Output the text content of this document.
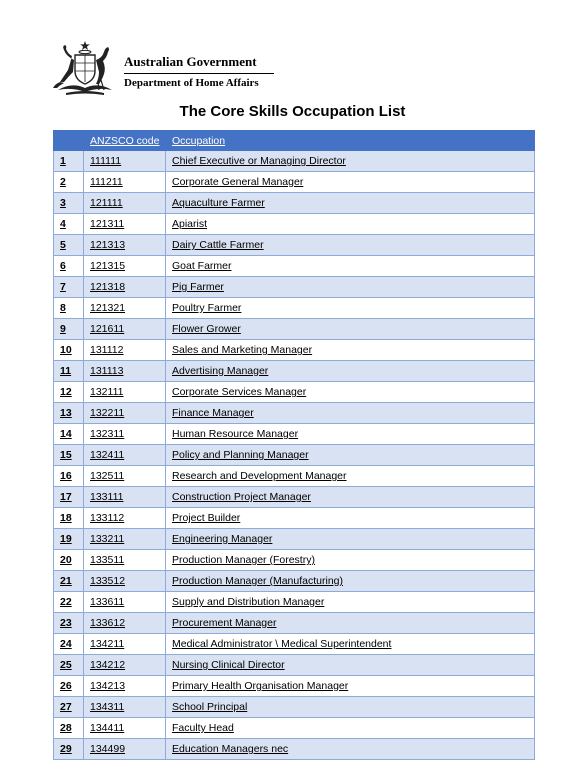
Australian Government
Department of Home Affairs
The Core Skills Occupation List
	ANZSCO code	Occupation
1	111111	Chief Executive or Managing Director
2	111211	Corporate General Manager
3	121111	Aquaculture Farmer
4	121311	Apiarist
5	121313	Dairy Cattle Farmer
6	121315	Goat Farmer
7	121318	Pig Farmer
8	121321	Poultry Farmer
9	121611	Flower Grower
10	131112	Sales and Marketing Manager
11	131113	Advertising Manager
12	132111	Corporate Services Manager
13	132211	Finance Manager
14	132311	Human Resource Manager
15	132411	Policy and Planning Manager
16	132511	Research and Development Manager
17	133111	Construction Project Manager
18	133112	Project Builder
19	133211	Engineering Manager
20	133511	Production Manager (Forestry)
21	133512	Production Manager (Manufacturing)
22	133611	Supply and Distribution Manager
23	133612	Procurement Manager
24	134211	Medical Administrator \ Medical Superintendent
25	134212	Nursing Clinical Director
26	134213	Primary Health Organisation Manager
27	134311	School Principal
28	134411	Faculty Head
29	134499	Education Managers nec
